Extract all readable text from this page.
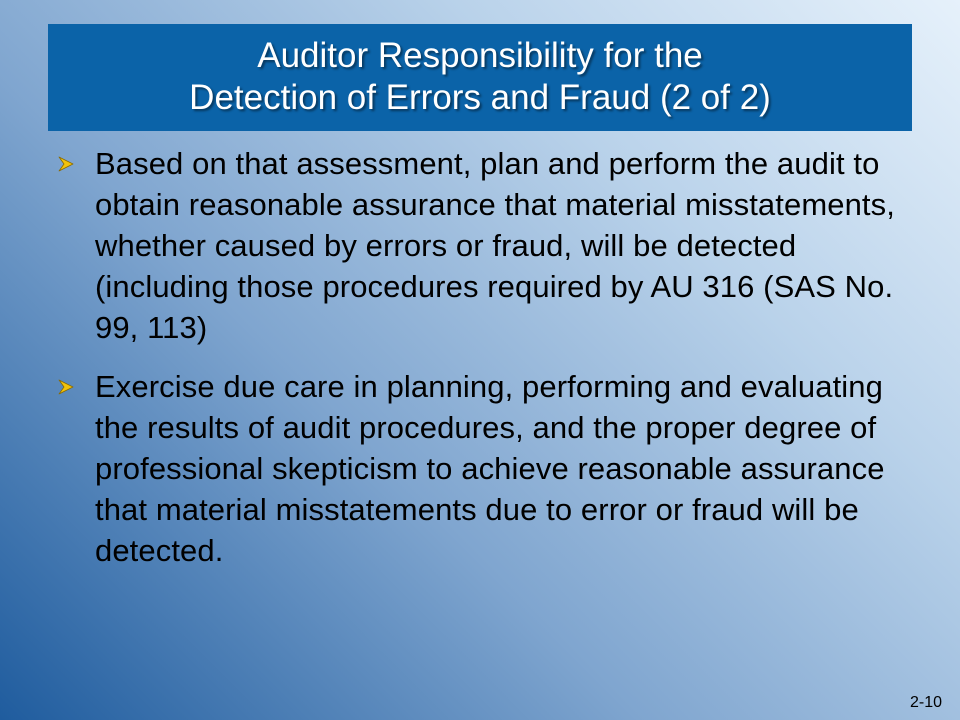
Auditor Responsibility for the
Detection of Errors and Fraud (2 of 2)
Based on that assessment, plan and perform the audit to obtain reasonable assurance that material misstatements, whether caused by errors or fraud, will be detected (including those procedures required by AU 316 (SAS No. 99, 113)
Exercise due care in planning, performing and evaluating the results of audit procedures, and the proper degree of professional skepticism to achieve reasonable assurance that material misstatements due to error or fraud will be detected.
2-10
